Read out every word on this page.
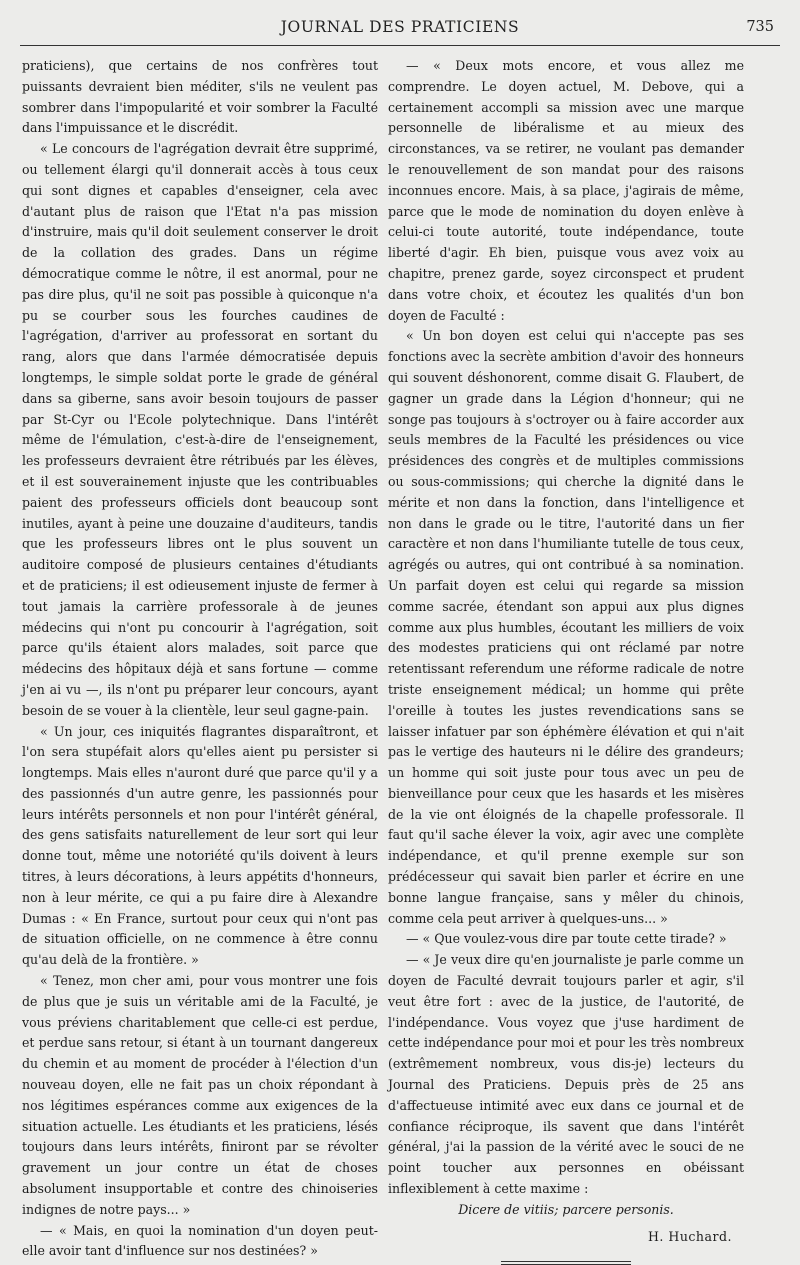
JOURNAL DES PRATICIENS	735

praticiens), que certains de nos confrères tout puissants devraient bien méditer, s'ils ne veulent pas sombrer dans l'impopularité et voir sombrer la Faculté dans l'impuissance et le discrédit.

« Le concours de l'agrégation devrait être supprimé, ou tellement élargi qu'il donnerait accès à tous ceux qui sont dignes et capables d'enseigner, cela avec d'autant plus de raison que l'Etat n'a pas mission d'instruire, mais qu'il doit seulement conserver le droit de la collation des grades. Dans un régime démocratique comme le nôtre, il est anormal, pour ne pas dire plus, qu'il ne soit pas possible à quiconque n'a pu se courber sous les fourches caudines de l'agrégation, d'arriver au professorat en sortant du rang, alors que dans l'armée démocratisée depuis longtemps, le simple soldat porte le grade de général dans sa giberne, sans avoir besoin toujours de passer par St-Cyr ou l'Ecole polytechnique. Dans l'intérêt même de l'émulation, c'est-à-dire de l'enseignement, les professeurs devraient être rétribués par les élèves, et il est souverainement injuste que les contribuables paient des professeurs officiels dont beaucoup sont inutiles, ayant à peine une douzaine d'auditeurs, tandis que les professeurs libres ont le plus souvent un auditoire composé de plusieurs centaines d'étudiants et de praticiens; il est odieusement injuste de fermer à tout jamais la carrière professorale à de jeunes médecins qui n'ont pu concourir à l'agrégation, soit parce qu'ils étaient alors malades, soit parce que médecins des hôpitaux déjà et sans fortune — comme j'en ai vu —, ils n'ont pu préparer leur concours, ayant besoin de se vouer à la clientèle, leur seul gagne-pain.

« Un jour, ces iniquités flagrantes disparaîtront, et l'on sera stupéfait alors qu'elles aient pu persister si longtemps. Mais elles n'auront duré que parce qu'il y a des passionnés d'un autre genre, les passionnés pour leurs intérêts personnels et non pour l'intérêt général, des gens satisfaits naturellement de leur sort qui leur donne tout, même une notoriété qu'ils doivent à leurs titres, à leurs décorations, à leurs appétits d'honneurs, non à leur mérite, ce qui a pu faire dire à Alexandre Dumas : « En France, surtout pour ceux qui n'ont pas de situation officielle, on ne commence à être connu qu'au delà de la frontière. »

« Tenez, mon cher ami, pour vous montrer une fois de plus que je suis un véritable ami de la Faculté, je vous préviens charitablement que celle-ci est perdue, et perdue sans retour, si étant à un tournant dangereux du chemin et au moment de procéder à l'élection d'un nouveau doyen, elle ne fait pas un choix répondant à nos légitimes espérances comme aux exigences de la situation actuelle. Les étudiants et les praticiens, lésés toujours dans leurs intérêts, finiront par se révolter gravement un jour contre un état de choses absolument insupportable et contre des chinoiseries indignes de notre pays... »

— « Mais, en quoi la nomination d'un doyen peut-elle avoir tant d'influence sur nos destinées? »

— « Deux mots encore, et vous allez me comprendre. Le doyen actuel, M. Debove, qui a certainement accompli sa mission avec une marque personnelle de libéralisme et au mieux des circonstances, va se retirer, ne voulant pas demander le renouvellement de son mandat pour des raisons inconnues encore. Mais, à sa place, j'agirais de même, parce que le mode de nomination du doyen enlève à celui-ci toute autorité, toute indépendance, toute liberté d'agir. Eh bien, puisque vous avez voix au chapitre, prenez garde, soyez circonspect et prudent dans votre choix, et écoutez les qualités d'un bon doyen de Faculté :

« Un bon doyen est celui qui n'accepte pas ses fonctions avec la secrète ambition d'avoir des honneurs qui souvent déshonorent, comme disait G. Flaubert, de gagner un grade dans la Légion d'honneur; qui ne songe pas toujours à s'octroyer ou à faire accorder aux seuls membres de la Faculté les présidences ou vice présidences des congrès et de multiples commissions ou sous-commissions; qui cherche la dignité dans le mérite et non dans la fonction, dans l'intelligence et non dans le grade ou le titre, l'autorité dans un fier caractère et non dans l'humiliante tutelle de tous ceux, agrégés ou autres, qui ont contribué à sa nomination. Un parfait doyen est celui qui regarde sa mission comme sacrée, étendant son appui aux plus dignes comme aux plus humbles, écoutant les milliers de voix des modestes praticiens qui ont réclamé par notre retentissant referendum une réforme radicale de notre triste enseignement médical; un homme qui prête l'oreille à toutes les justes revendications sans se laisser infatuer par son éphémère élévation et qui n'ait pas le vertige des hauteurs ni le délire des grandeurs; un homme qui soit juste pour tous avec un peu de bienveillance pour ceux que les hasards et les misères de la vie ont éloignés de la chapelle professorale. Il faut qu'il sache élever la voix, agir avec une complète indépendance, et qu'il prenne exemple sur son prédécesseur qui savait bien parler et écrire en une bonne langue française, sans y mêler du chinois, comme cela peut arriver à quelques-uns... »

— « Que voulez-vous dire par toute cette tirade? »

— « Je veux dire qu'en journaliste je parle comme un doyen de Faculté devrait toujours parler et agir, s'il veut être fort : avec de la justice, de l'autorité, de l'indépendance. Vous voyez que j'use hardiment de cette indépendance pour moi et pour les très nombreux (extrêmement nombreux, vous dis-je) lecteurs du Journal des Praticiens. Depuis près de 25 ans d'affectueuse intimité avec eux dans ce journal et de confiance réciproque, ils savent que dans l'intérêt général, j'ai la passion de la vérité avec le souci de ne point toucher aux personnes en obéissant inflexiblement à cette maxime :

Dicere de vitiis; parcere personis.

H. Huchard.
